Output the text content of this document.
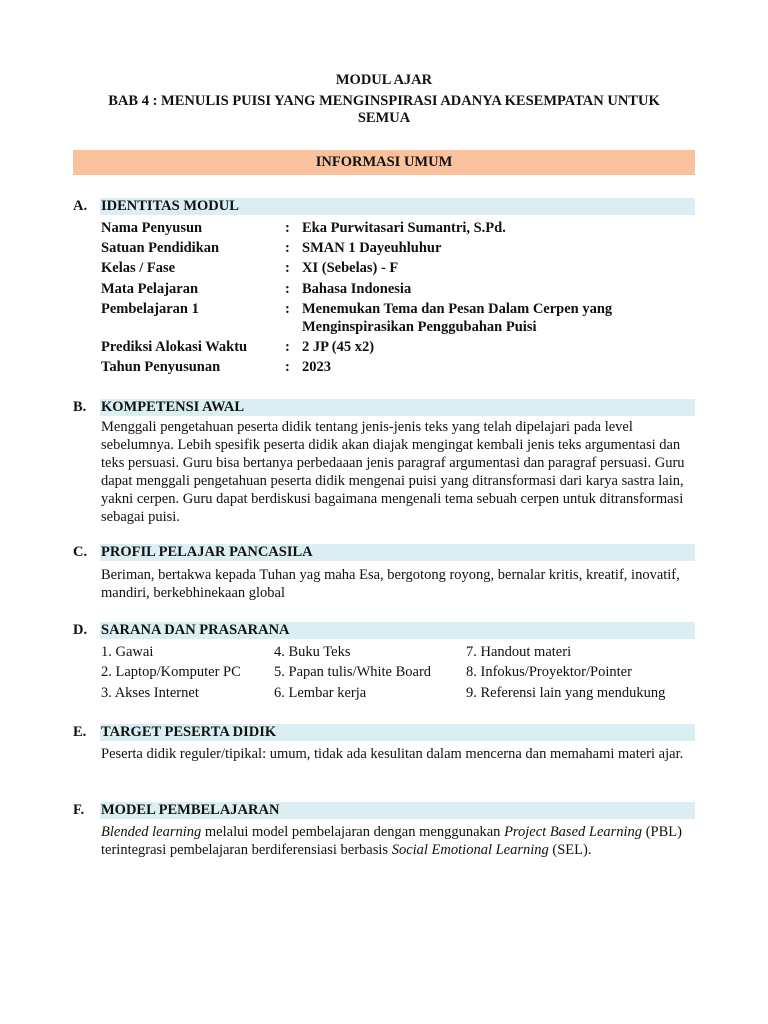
MODUL AJAR
BAB 4 : MENULIS PUISI YANG MENGINSPIRASI ADANYA KESEMPATAN UNTUK
SEMUA
INFORMASI UMUM
A. IDENTITAS MODUL
Nama Penyusun	: Eka Purwitasari Sumantri, S.Pd.
Satuan Pendidikan	: SMAN 1 Dayeuhluhur
Kelas / Fase	: XI (Sebelas) - F
Mata Pelajaran	: Bahasa Indonesia
Pembelajaran 1	: Menemukan Tema dan Pesan Dalam Cerpen yang Menginspirasikan Penggubahan Puisi
Prediksi Alokasi Waktu	: 2 JP (45 x2)
Tahun Penyusunan	: 2023
B. KOMPETENSI AWAL
Menggali pengetahuan peserta didik tentang jenis-jenis teks yang telah dipelajari pada level sebelumnya. Lebih spesifik peserta didik akan diajak mengingat kembali jenis teks argumentasi dan teks persuasi. Guru bisa bertanya perbedaaan jenis paragraf argumentasi dan paragraf persuasi. Guru dapat menggali pengetahuan peserta didik mengenai puisi yang ditransformasi dari karya sastra lain, yakni cerpen. Guru dapat berdiskusi bagaimana mengenali tema sebuah cerpen untuk ditransformasi sebagai puisi.
C. PROFIL PELAJAR PANCASILA
Beriman, bertakwa kepada Tuhan yag maha Esa, bergotong royong, bernalar kritis, kreatif, inovatif, mandiri, berkebhinekaan global
D. SARANA DAN PRASARANA
1. Gawai
2. Laptop/Komputer PC
3. Akses Internet
4. Buku Teks
5. Papan tulis/White Board
6. Lembar kerja
7. Handout materi
8. Infokus/Proyektor/Pointer
9. Referensi lain yang mendukung
E. TARGET PESERTA DIDIK
Peserta didik reguler/tipikal: umum, tidak ada kesulitan dalam mencerna dan memahami materi ajar.
F. MODEL PEMBELAJARAN
Blended learning melalui model pembelajaran dengan menggunakan Project Based Learning (PBL) terintegrasi pembelajaran berdiferensiasi berbasis Social Emotional Learning (SEL).
